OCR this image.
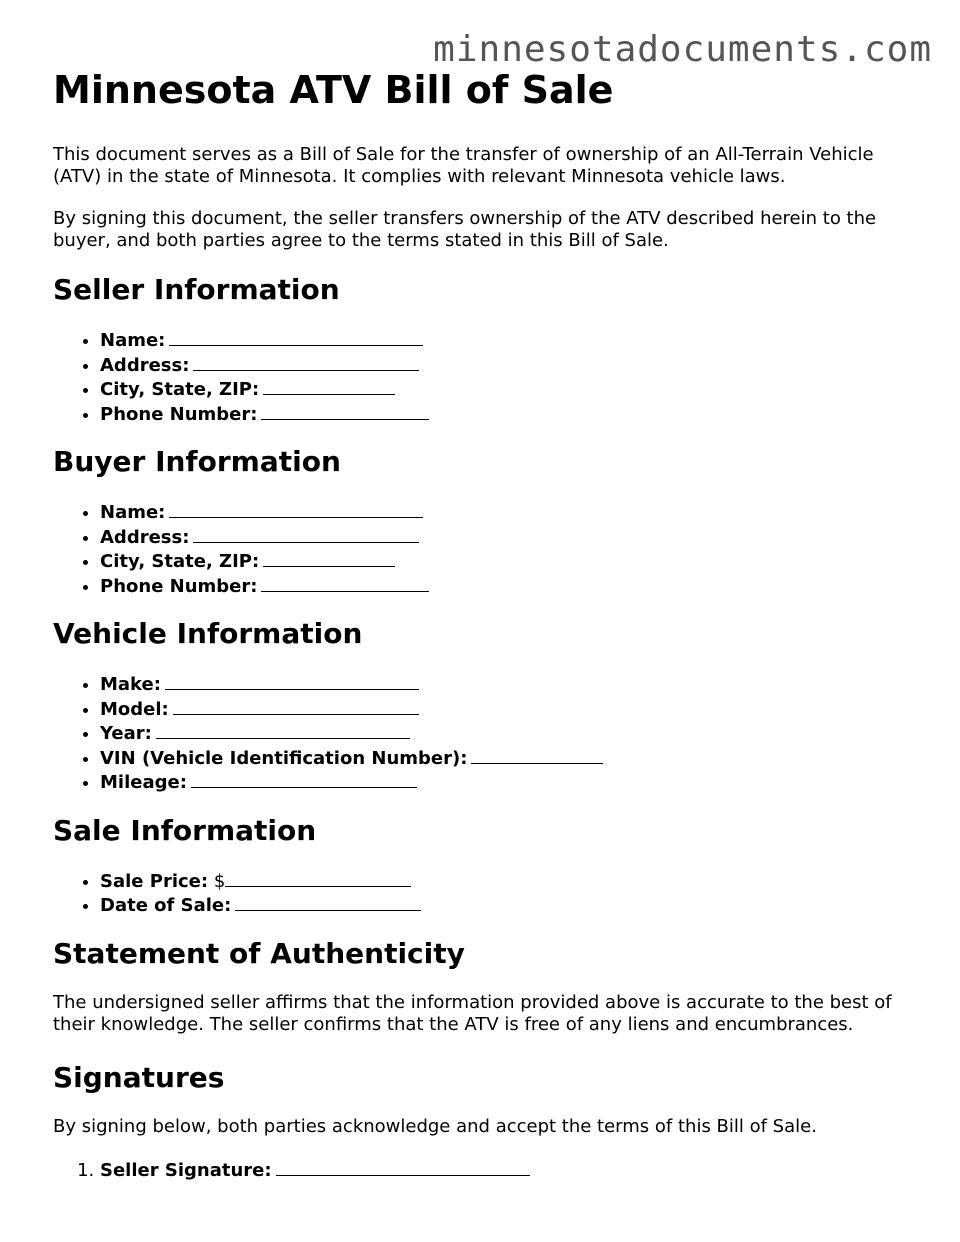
minnesotadocuments.com
Minnesota ATV Bill of Sale

This document serves as a Bill of Sale for the transfer of ownership of an All-Terrain Vehicle (ATV) in the state of Minnesota. It complies with relevant Minnesota vehicle laws.

By signing this document, the seller transfers ownership of the ATV described herein to the buyer, and both parties agree to the terms stated in this Bill of Sale.

Seller Information
• Name:
• Address:
• City, State, ZIP:
• Phone Number:
Buyer Information
• Name:
• Address:
• City, State, ZIP:
• Phone Number:
Vehicle Information
• Make:
• Model:
• Year:
• VIN (Vehicle Identification Number):
• Mileage:
Sale Information
• Sale Price: $
• Date of Sale:
Statement of Authenticity

The undersigned seller affirms that the information provided above is accurate to the best of their knowledge. The seller confirms that the ATV is free of any liens and encumbrances.

Signatures

By signing below, both parties acknowledge and accept the terms of this Bill of Sale.

1. Seller Signature:
